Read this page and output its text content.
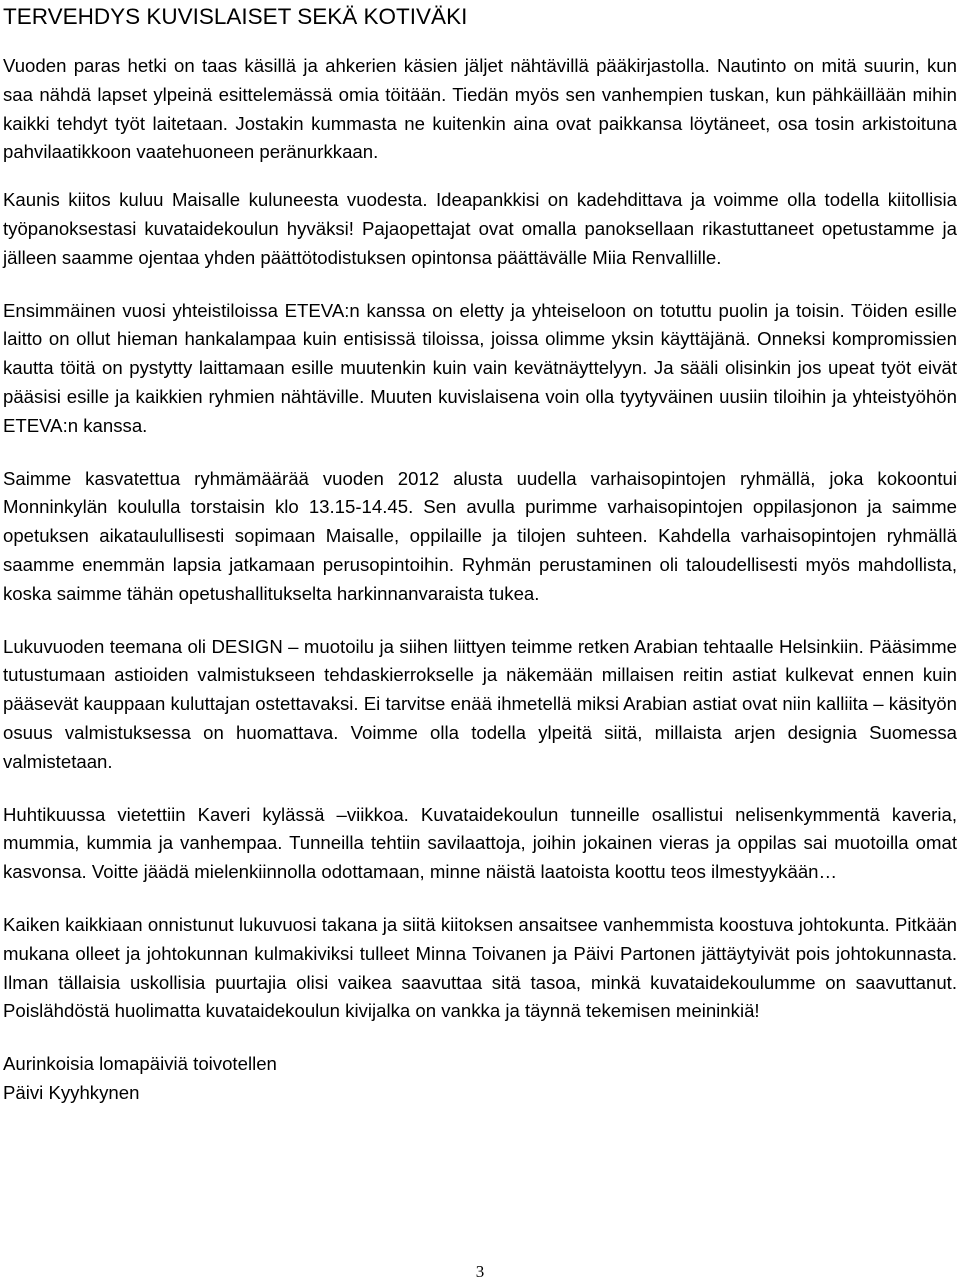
TERVEHDYS KUVISLAISET SEKÄ KOTIVÄKI

Vuoden paras hetki on taas käsillä ja ahkerien käsien jäljet nähtävillä pääkirjastolla. Nautinto on mitä suurin, kun saa nähdä lapset ylpeinä esittelemässä omia töitään. Tiedän myös sen vanhempien tuskan, kun pähkäillään mihin kaikki tehdyt työt laitetaan. Jostakin kummasta ne kuitenkin aina ovat paikkansa löytäneet, osa tosin arkistoituna pahvilaatikkoon vaatehuoneen peränurkkaan.

Kaunis kiitos kuluu Maisalle kuluneesta vuodesta. Ideapankkisi on kadehdittava ja voimme olla todella kiitollisia työpanoksestasi kuvataidekoulun hyväksi! Pajaopettajat ovat omalla panoksellaan rikastuttaneet opetustamme ja jälleen saamme ojentaa yhden päättötodistuksen opintonsa päättävälle Miia Renvallille.

Ensimmäinen vuosi yhteistiloissa ETEVA:n kanssa on eletty ja yhteiseloon on totuttu puolin ja toisin. Töiden esille laitto on ollut hieman hankalampaa kuin entisissä tiloissa, joissa olimme yksin käyttäjänä. Onneksi kompromissien kautta töitä on pystytty laittamaan esille muutenkin kuin vain kevätnäyttelyyn. Ja sääli olisinkin jos upeat työt eivät pääsisi esille ja kaikkien ryhmien nähtäville. Muuten kuvislaisena voin olla tyytyväinen uusiin tiloihin ja yhteistyöhön ETEVA:n kanssa.

Saimme kasvatettua ryhmämäärää vuoden 2012 alusta uudella varhaisopintojen ryhmällä, joka kokoontui Monninkylän koululla torstaisin klo 13.15-14.45. Sen avulla purimme varhaisopintojen oppilasjonon ja saimme opetuksen aikataulullisesti sopimaan Maisalle, oppilaille ja tilojen suhteen. Kahdella varhaisopintojen ryhmällä saamme enemmän lapsia jatkamaan perusopintoihin. Ryhmän perustaminen oli taloudellisesti myös mahdollista, koska saimme tähän opetushallitukselta harkinnanvaraista tukea.

Lukuvuoden teemana oli DESIGN – muotoilu ja siihen liittyen teimme retken Arabian tehtaalle Helsinkiin. Pääsimme tutustumaan astioiden valmistukseen tehdaskierrokselle ja näkemään millaisen reitin astiat kulkevat ennen kuin pääsevät kauppaan kuluttajan ostettavaksi. Ei tarvitse enää ihmetellä miksi Arabian astiat ovat niin kalliita – käsityön osuus valmistuksessa on huomattava. Voimme olla todella ylpeitä siitä, millaista arjen designia Suomessa valmistetaan.

Huhtikuussa vietettiin Kaveri kylässä –viikkoa. Kuvataidekoulun tunneille osallistui nelisenkymmentä kaveria, mummia, kummia ja vanhempaa. Tunneilla tehtiin savilaattoja, joihin jokainen vieras ja oppilas sai muotoilla omat kasvonsa. Voitte jäädä mielenkiinnolla odottamaan, minne näistä laatoista koottu teos ilmestyykään…

Kaiken kaikkiaan onnistunut lukuvuosi takana ja siitä kiitoksen ansaitsee vanhemmista koostuva johtokunta. Pitkään mukana olleet ja johtokunnan kulmakiviksi tulleet Minna Toivanen ja Päivi Partonen jättäytyivät pois johtokunnasta. Ilman tällaisia uskollisia puurtajia olisi vaikea saavuttaa sitä tasoa, minkä kuvataidekoulumme on saavuttanut. Poislähdöstä huolimatta kuvataidekoulun kivijalka on vankka ja täynnä tekemisen meininkiä!

Aurinkoisia lomapäiviä toivotellen
Päivi Kyyhkynen
3
